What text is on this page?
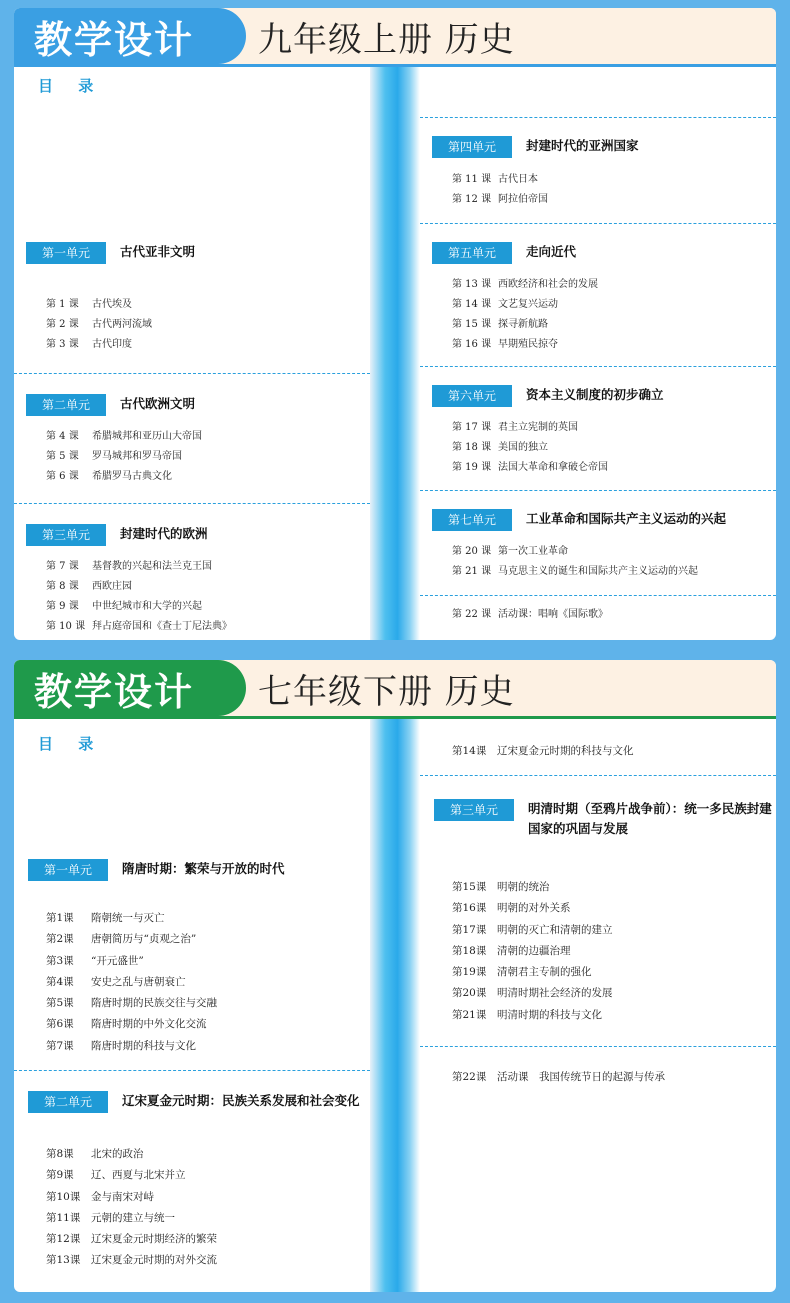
教学设计	九年级上册 历史
目 录
第一单元	古代亚非文明
第 1 课 古代埃及
第 2 课 古代两河流域
第 3 课 古代印度
第二单元	古代欧洲文明
第 4 课 希腊城邦和亚历山大帝国
第 5 课 罗马城邦和罗马帝国
第 6 课 希腊罗马古典文化
第三单元	封建时代的欧洲
第 7 课 基督教的兴起和法兰克王国
第 8 课 西欧庄园
第 9 课 中世纪城市和大学的兴起
第 10 课 拜占庭帝国和《查士丁尼法典》
第四单元	封建时代的亚洲国家
第 11 课 古代日本
第 12 课 阿拉伯帝国
第五单元	走向近代
第 13 课 西欧经济和社会的发展
第 14 课 文艺复兴运动
第 15 课 探寻新航路
第 16 课 早期殖民掠夺
第六单元	资本主义制度的初步确立
第 17 课 君主立宪制的英国
第 18 课 美国的独立
第 19 课 法国大革命和拿破仑帝国
第七单元	工业革命和国际共产主义运动的兴起
第 20 课 第一次工业革命
第 21 课 马克思主义的诞生和国际共产主义运动的兴起
第 22 课 活动课：唱响《国际歌》
教学设计	七年级下册 历史
目 录
第一单元	隋唐时期：繁荣与开放的时代
第1课 隋朝统一与灭亡
第2课 唐朝简历与“贞观之治”
第3课 “开元盛世”
第4课 安史之乱与唐朝衰亡
第5课 隋唐时期的民族交往与交融
第6课 隋唐时期的中外文化交流
第7课 隋唐时期的科技与文化
第二单元	辽宋夏金元时期：民族关系发展和社会变化
第8课 北宋的政治
第9课 辽、西夏与北宋并立
第10课 金与南宋对峙
第11课 元朝的建立与统一
第12课 辽宋夏金元时期经济的繁荣
第13课 辽宋夏金元时期的对外交流
第14课 辽宋夏金元时期的科技与文化
第三单元	明清时期（至鸦片战争前）：统一多民族封建国家的巩固与发展
第15课 明朝的统治
第16课 明朝的对外关系
第17课 明朝的灭亡和清朝的建立
第18课 清朝的边疆治理
第19课 清朝君主专制的强化
第20课 明清时期社会经济的发展
第21课 明清时期的科技与文化
第22课 活动课　我国传统节日的起源与传承
